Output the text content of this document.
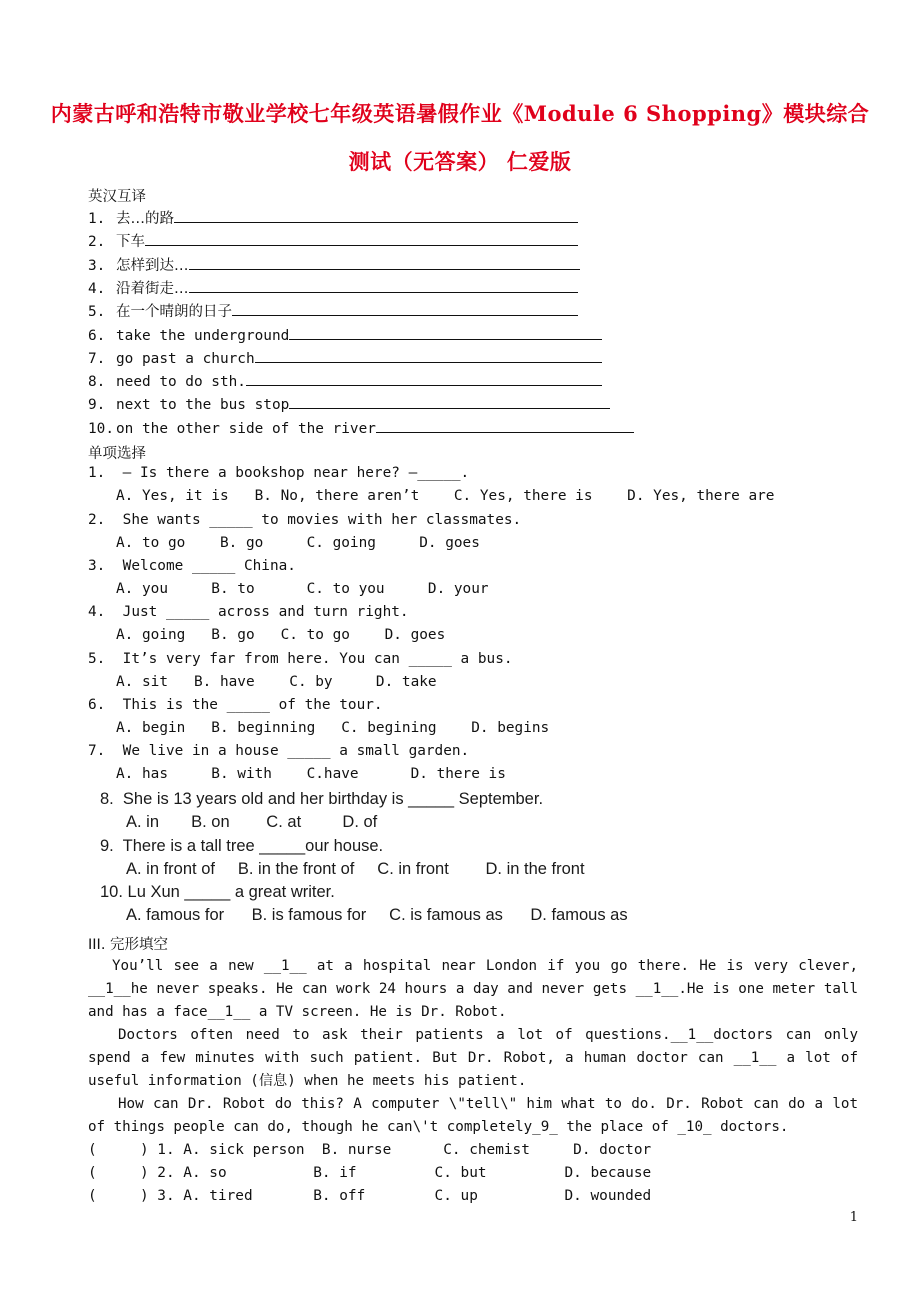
内蒙古呼和浩特市敬业学校七年级英语暑假作业《Module 6 Shopping》模块综合
测试（无答案） 仁爱版
英汉互译
1. 去…的路
2. 下车
3. 怎样到达…
4. 沿着街走…
5. 在一个晴朗的日子
6. take the underground
7. go past a church
8. need to do sth.
9. next to the bus stop
10. on the other side of the river
单项选择
1.  – Is there a bookshop near here? –_____.
A. Yes, it is   B. No, there aren’t    C. Yes, there is    D. Yes, there are
2.  She wants _____ to movies with her classmates.
A. to go    B. go     C. going     D. goes
3.  Welcome _____ China.
A. you     B. to      C. to you     D. your
4.  Just _____ across and turn right.
A. going   B. go   C. to go    D. goes
5.  It’s very far from here. You can _____ a bus.
A. sit   B. have    C. by     D. take
6.  This is the _____ of the tour.
A. begin   B. beginning   C. begining    D. begins
7.  We live in a house _____ a small garden.
A. has     B. with    C.have      D. there is
8.  She is 13 years old and her birthday is _____ September.
A. in       B. on        C. at         D. of
9.  There is a tall tree _____our house.
A. in front of     B. in the front of     C. in front        D. in the front
10. Lu Xun _____ a great writer.
A. famous for      B. is famous for     C. is famous as      D. famous as
III. 完形填空

You’ll see a new __1__ at a hospital near London if you go there. He is very clever, __1__he never speaks. He can work 24 hours a day and never gets __1__.He is one meter tall and has a face__1__ a TV screen. He is Dr. Robot.

Doctors often need to ask their patients a lot of questions.__1__doctors can only spend a few minutes with such patient. But Dr. Robot, a human doctor can __1__ a lot of useful information (信息) when he meets his patient.

How can Dr. Robot do this? A computer \"tell\" him what to do. Dr. Robot can do a lot of things people can do, though he can\'t completely_9_ the place of _10_ doctors.

(     ) 1. A. sick person  B. nurse      C. chemist     D. doctor
(     ) 2. A. so          B. if         C. but         D. because
(     ) 3. A. tired       B. off        C. up          D. wounded
1
